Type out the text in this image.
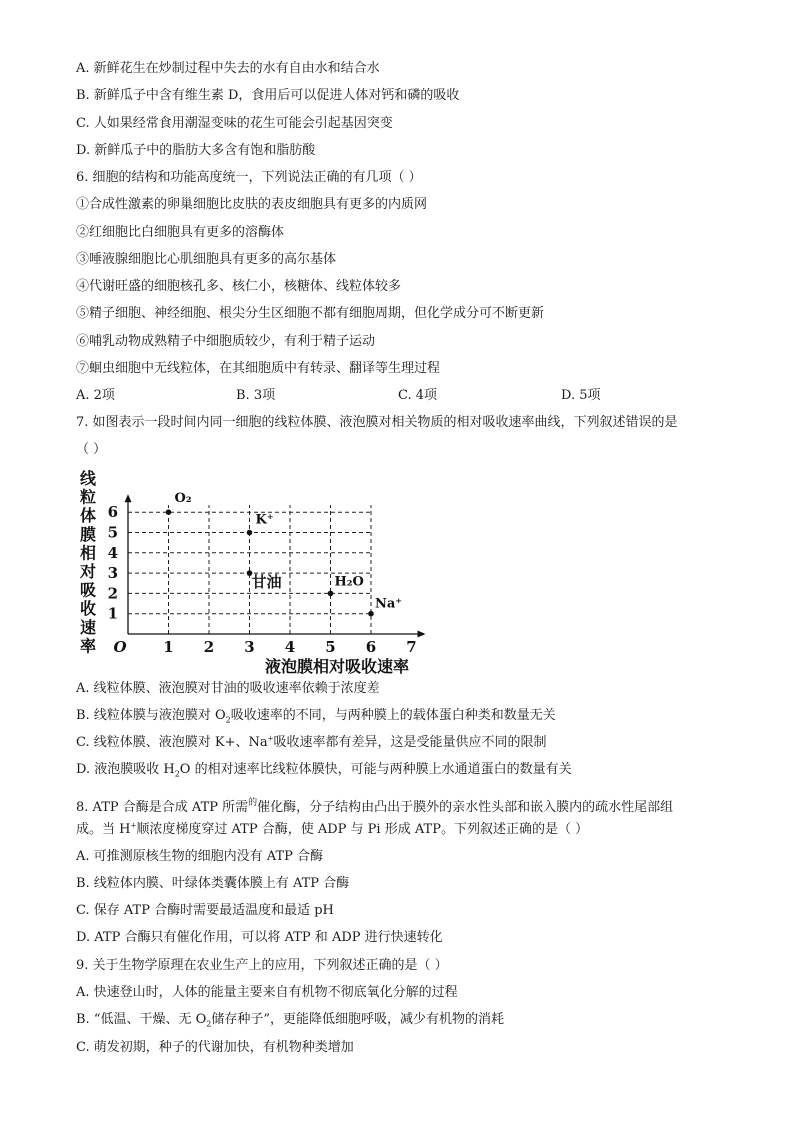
A. 新鲜花生在炒制过程中失去的水有自由水和结合水
B. 新鲜瓜子中含有维生素 D，食用后可以促进人体对钙和磷的吸收
C. 人如果经常食用潮湿变味的花生可能会引起基因突变
D. 新鲜瓜子中的脂肪大多含有饱和脂肪酸
6. 细胞的结构和功能高度统一，下列说法正确的有几项（ ）
①合成性激素的卵巢细胞比皮肤的表皮细胞具有更多的内质网
②红细胞比白细胞具有更多的溶酶体
③唾液腺细胞比心肌细胞具有更多的高尔基体
④代谢旺盛的细胞核孔多、核仁小，核糖体、线粒体较多
⑤精子细胞、神经细胞、根尖分生区细胞不都有细胞周期，但化学成分可不断更新
⑥哺乳动物成熟精子中细胞质较少，有利于精子运动
⑦蛔虫细胞中无线粒体，在其细胞质中有转录、翻译等生理过程
A. 2项	B. 3项	C. 4项	D. 5项
7. 如图表示一段时间内同一细胞的线粒体膜、液泡膜对相关物质的相对吸收速率曲线，下列叙述错误的是
（ ）
1 2 3 4 5 6 7
1
2
3
4
5
6
O₂
K⁺
甘油	H₂O
Na⁺
线粒体膜相对吸收速率
液泡膜相对吸收速率
O
A. 线粒体膜、液泡膜对甘油的吸收速率依赖于浓度差
B. 线粒体膜与液泡膜对 $O_2$吸收速率的不同，与两种膜上的载体蛋白种类和数量无关
C. 线粒体膜、液泡膜对 K+、Na+吸收速率都有差异，这是受能量供应不同的限制
D. 液泡膜吸收 $H_2O$ 的相对速率比线粒体膜快，可能与两种膜上水通道蛋白的数量有关
8. ATP 合酶是合成 ATP 所需$^的$催化酶，分子结构由凸出于膜外的亲水性头部和嵌入膜内的疏水性尾部组
成。当 H+顺浓度梯度穿过 ATP 合酶，使 ADP 与 Pi 形成 ATP。下列叙述正确的是（ ）
A. 可推测原核生物的细胞内没有 ATP 合酶
B. 线粒体内膜、叶绿体类囊体膜上有 ATP 合酶
C. 保存 ATP 合酶时需要最适温度和最适 pH
D. ATP 合酶只有催化作用，可以将 ATP 和 ADP 进行快速转化
9. 关于生物学原理在农业生产上的应用，下列叙述正确的是（ ）
A. 快速登山时，人体的能量主要来自有机物不彻底氧化分解的过程
B. “低温、干燥、无 $O_2$储存种子”，更能降低细胞呼吸，减少有机物的消耗
C. 萌发初期，种子的代谢加快，有机物种类增加
